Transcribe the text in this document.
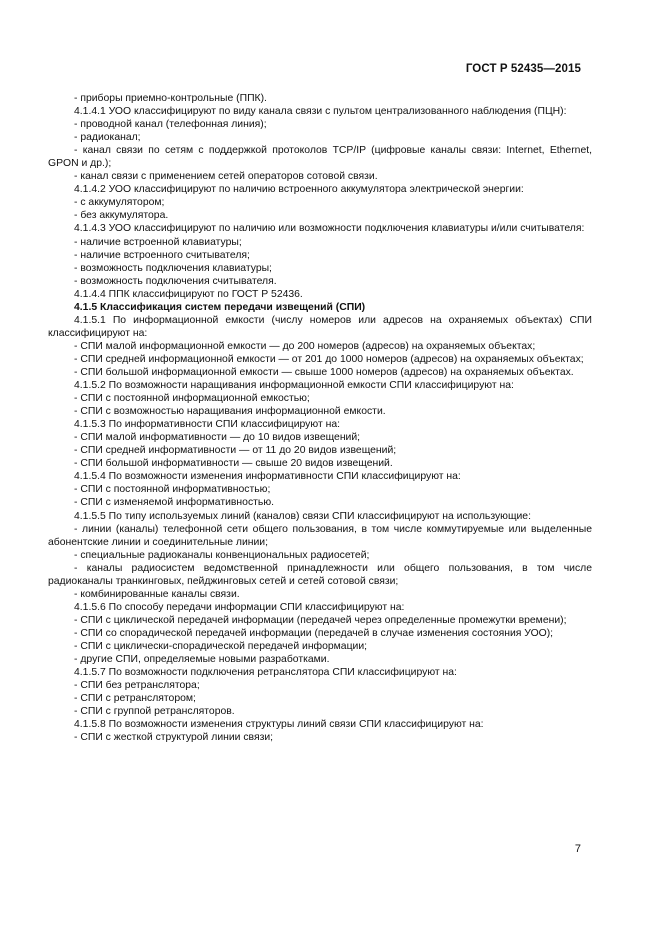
ГОСТ Р 52435—2015

- приборы приемно-контрольные (ППК).

4.1.4.1 УОО классифицируют по виду канала связи с пультом централизованного наблюдения (ПЦН):

- проводной канал (телефонная линия);

- радиоканал;

- канал связи по сетям с поддержкой протоколов TCP/IP (цифровые каналы связи: Internet, Ethernet, GPON и др.);

- канал связи с применением сетей операторов сотовой связи.

4.1.4.2 УОО классифицируют по наличию встроенного аккумулятора электрической энергии:

- с аккумулятором;

- без аккумулятора.

4.1.4.3 УОО классифицируют по наличию или возможности подключения клавиатуры и/или считывателя:

- наличие встроенной клавиатуры;

- наличие встроенного считывателя;

- возможность подключения клавиатуры;

- возможность подключения считывателя.

4.1.4.4 ППК классифицируют по ГОСТ Р 52436.

4.1.5 Классификация систем передачи извещений (СПИ)

4.1.5.1 По информационной емкости (числу номеров или адресов на охраняемых объектах) СПИ классифицируют на:

- СПИ малой информационной емкости — до 200 номеров (адресов) на охраняемых объектах;

- СПИ средней информационной емкости — от 201 до 1000 номеров (адресов) на охраняемых объектах;

- СПИ большой информационной емкости — свыше 1000 номеров (адресов) на охраняемых объектах.

4.1.5.2 По возможности наращивания информационной емкости СПИ классифицируют на:

- СПИ с постоянной информационной емкостью;

- СПИ с возможностью наращивания информационной емкости.

4.1.5.3 По информативности СПИ классифицируют на:

- СПИ малой информативности — до 10 видов извещений;

- СПИ средней информативности — от 11 до 20 видов извещений;

- СПИ большой информативности — свыше 20 видов извещений.

4.1.5.4 По возможности изменения информативности СПИ классифицируют на:

- СПИ с постоянной информативностью;

- СПИ с изменяемой информативностью.

4.1.5.5 По типу используемых линий (каналов) связи СПИ классифицируют на использующие:

- линии (каналы) телефонной сети общего пользования, в том числе коммутируемые или выделенные абонентские линии и соединительные линии;

- специальные радиоканалы конвенциональных радиосетей;

- каналы радиосистем ведомственной принадлежности или общего пользования, в том числе радиоканалы транкинговых, пейджинговых сетей и сетей сотовой связи;

- комбинированные каналы связи.

4.1.5.6 По способу передачи информации СПИ классифицируют на:

- СПИ с циклической передачей информации (передачей через определенные промежутки времени);

- СПИ со спорадической передачей информации (передачей в случае изменения состояния УОО);

- СПИ с циклически-спорадической передачей информации;

- другие СПИ, определяемые новыми разработками.

4.1.5.7 По возможности подключения ретранслятора СПИ классифицируют на:

- СПИ без ретранслятора;

- СПИ с ретранслятором;

- СПИ с группой ретрансляторов.

4.1.5.8 По возможности изменения структуры линий связи СПИ классифицируют на:

- СПИ с жесткой структурой линии связи;

7
